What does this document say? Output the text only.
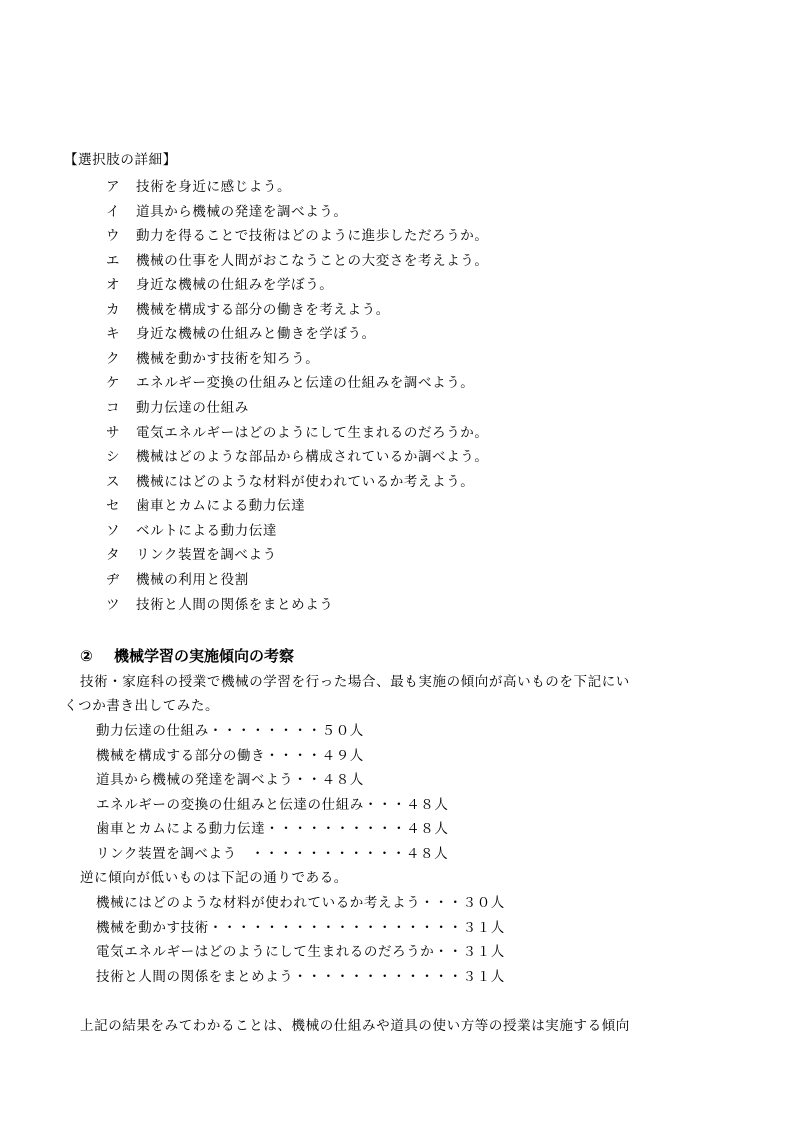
【選択肢の詳細】
ア 技術を身近に感じよう。
イ 道具から機械の発達を調べよう。
ウ 動力を得ることで技術はどのように進歩しただろうか。
エ 機械の仕事を人間がおこなうことの大変さを考えよう。
オ 身近な機械の仕組みを学ぼう。
カ 機械を構成する部分の働きを考えよう。
キ 身近な機械の仕組みと働きを学ぼう。
ク 機械を動かす技術を知ろう。
ケ エネルギー変換の仕組みと伝達の仕組みを調べよう。
コ 動力伝達の仕組み
サ 電気エネルギーはどのようにして生まれるのだろうか。
シ 機械はどのような部品から構成されているか調べよう。
ス 機械にはどのような材料が使われているか考えよう。
セ 歯車とカムによる動力伝達
ソ ベルトによる動力伝達
タ リンク装置を調べよう
ヂ 機械の利用と役割
ツ 技術と人間の関係をまとめよう
② 機械学習の実施傾向の考察
技術・家庭科の授業で機械の学習を行った場合、最も実施の傾向が高いものを下記にい
くつか書き出してみた。
動力伝達の仕組み・・・・・・・・５０人
機械を構成する部分の働き・・・・４９人
道具から機械の発達を調べよう・・４８人
エネルギーの変換の仕組みと伝達の仕組み・・・４８人
歯車とカムによる動力伝達・・・・・・・・・・４８人
リンク装置を調べよう　・・・・・・・・・・・４８人
逆に傾向が低いものは下記の通りである。
機械にはどのような材料が使われているか考えよう・・・３０人
機械を動かす技術・・・・・・・・・・・・・・・・・・３１人
電気エネルギーはどのようにして生まれるのだろうか・・３１人
技術と人間の関係をまとめよう・・・・・・・・・・・・３１人
上記の結果をみてわかることは、機械の仕組みや道具の使い方等の授業は実施する傾向
